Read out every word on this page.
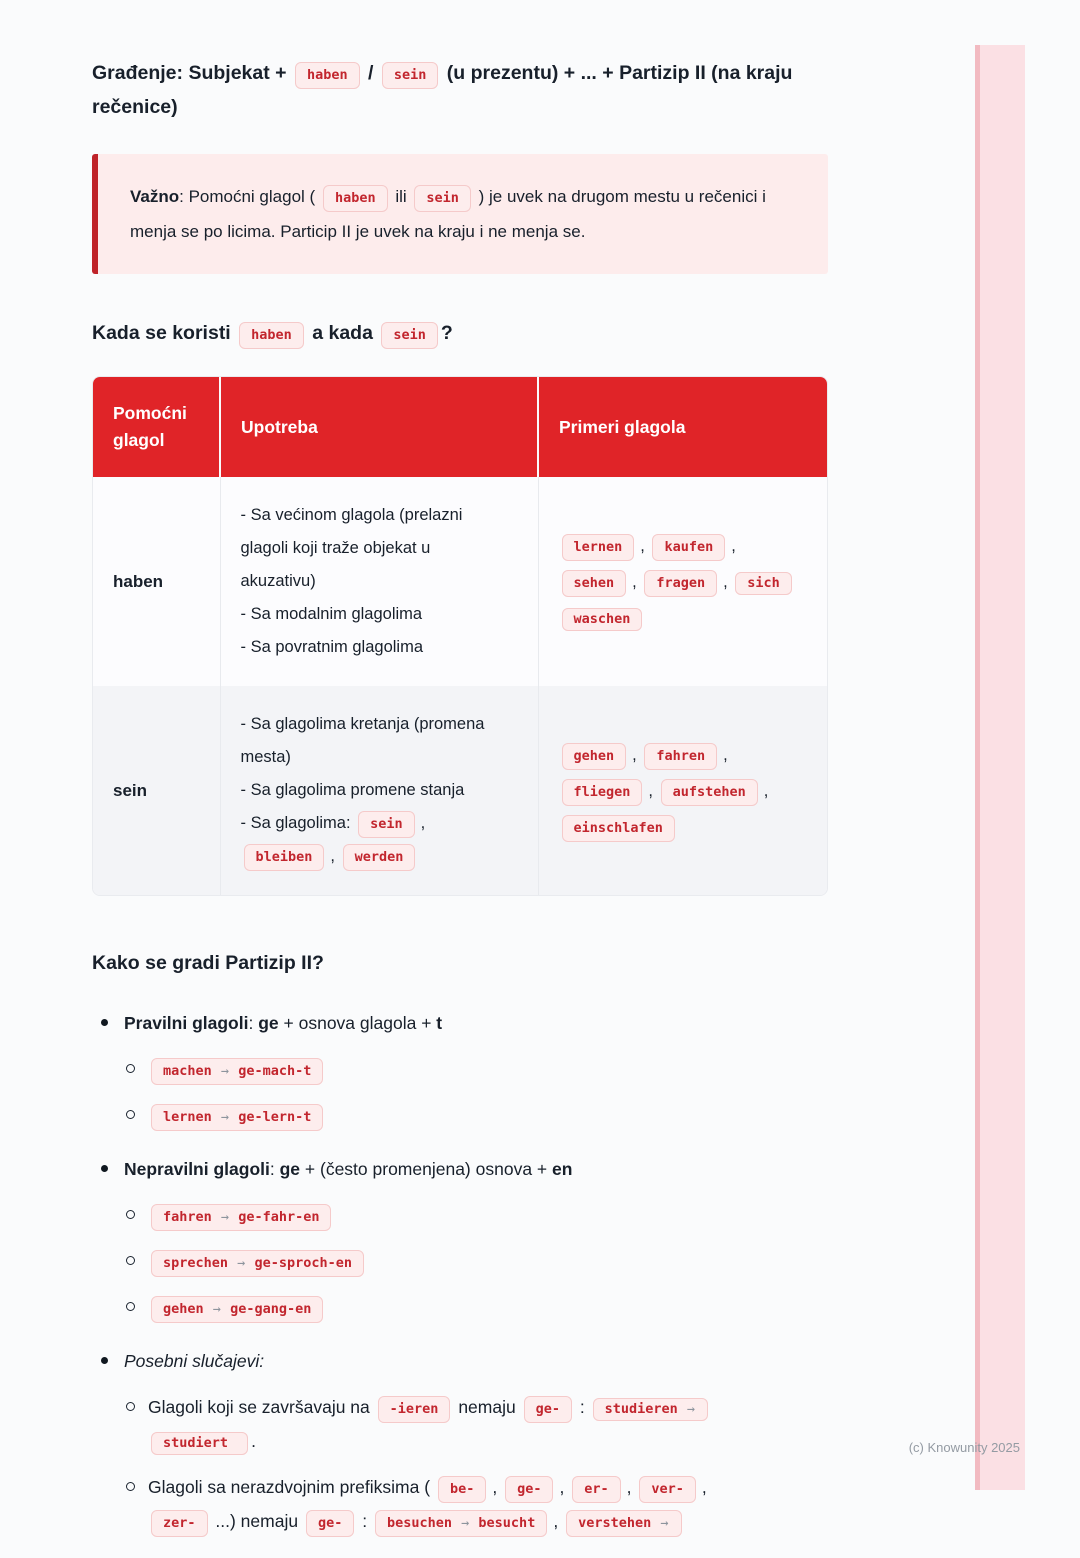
(c) Knowunity 2025
Građenje: Subjekat + haben / sein (u prezentu) + ... + Partizip II (na kraju rečenice)
Važno: Pomoćni glagol ( haben ili sein ) je uvek na drugom mestu u rečenici i menja se po licima. Particip II je uvek na kraju i ne menja se.
Kada se koristi haben a kada sein ?
Pomoćni glagol	Upotreba	Primeri glagola
haben	- Sa većinom glagola (prelazni glagoli koji traže objekat u akuzativu)
- Sa modalnim glagolima
- Sa povratnim glagolima	lernen , kaufen , sehen , fragen , sich waschen
sein	- Sa glagolima kretanja (promena mesta)
- Sa glagolima promene stanja
- Sa glagolima: sein , bleiben , werden	gehen , fahren , fliegen , aufstehen , einschlafen
Kako se gradi Partizip II?
Pravilni glagoli: ge + osnova glagola + t
machen → ge-mach-t
lernen → ge-lern-t
Nepravilni glagoli: ge + (često promenjena) osnova + en
fahren → ge-fahr-en
sprechen → ge-sproch-en
gehen → ge-gang-en
Posebni slučajevi:
Glagoli koji se završavaju na -ieren nemaju ge- : studieren → studiert .
Glagoli sa nerazdvojnim prefiksima ( be- , ge- , er- , ver- , zer- ...) nemaju ge- : besuchen → besucht , verstehen →
